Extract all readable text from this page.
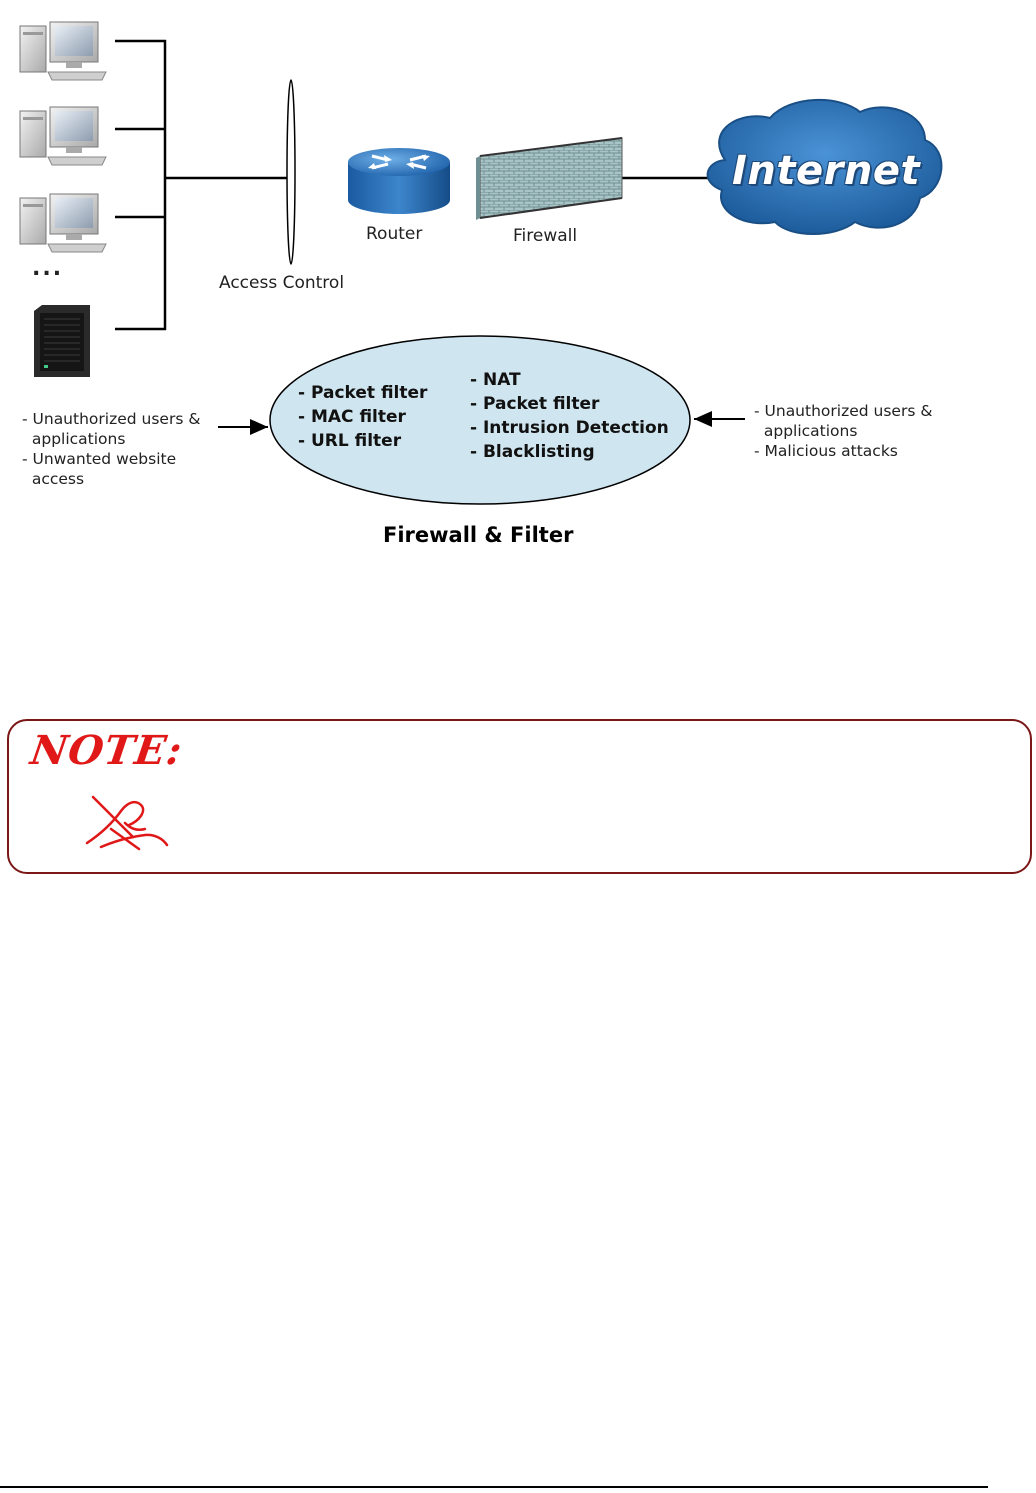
Internet
Router	Firewall
Access Control
...
- Unauthorized users &
applications
- Unwanted website
access
- Unauthorized users &
applications
- Malicious attacks
- Packet filter
- MAC filter
- URL filter
- NAT
- Packet filter
- Intrusion Detection
- Blacklisting
Firewall & Filter
NOTE:
